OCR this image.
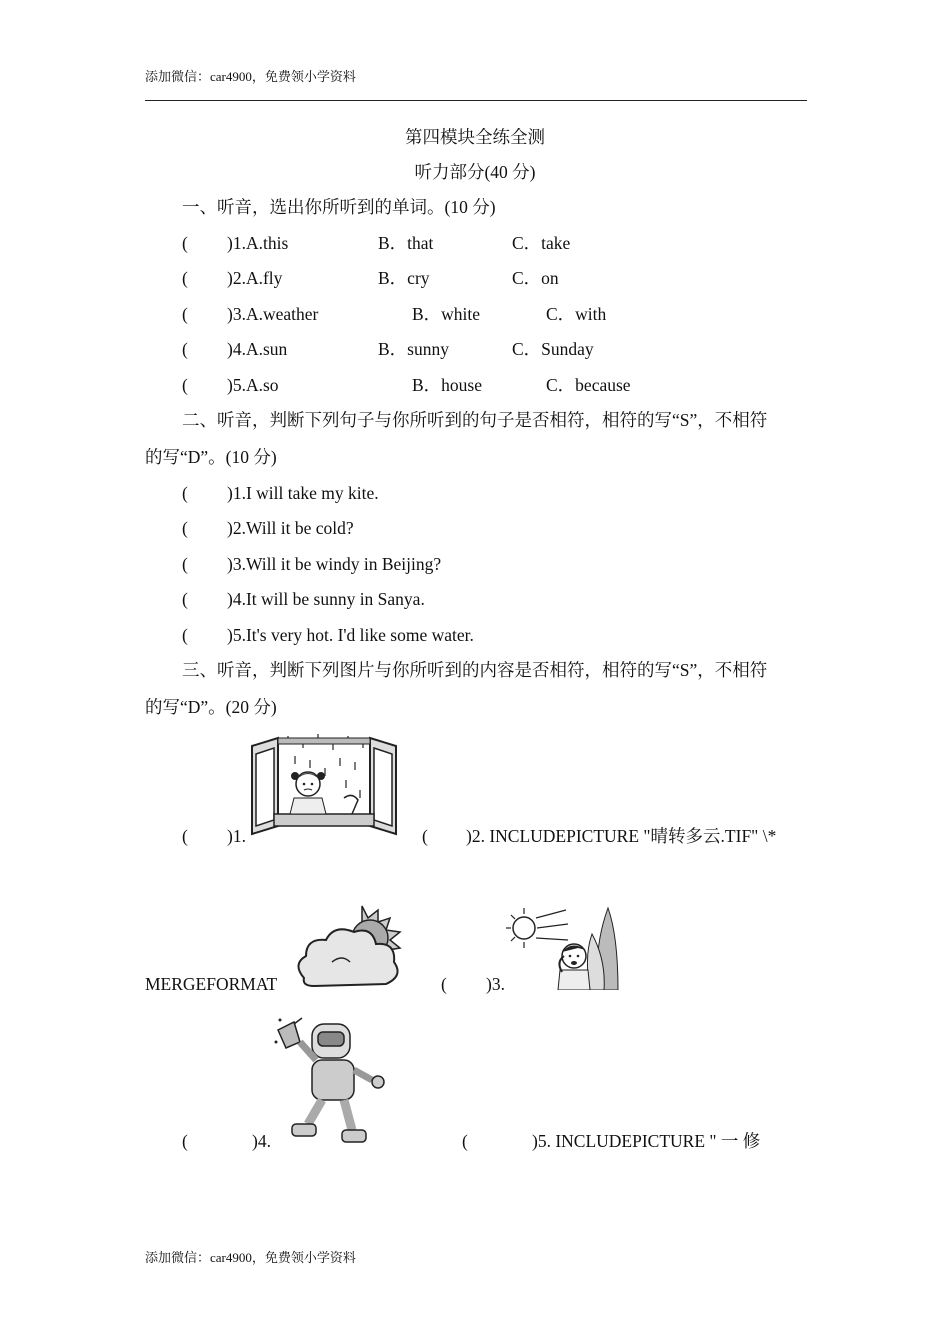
添加微信：car4900，免费领小学资料
第四模块全练全测
听力部分(40 分)
一、听音，选出你所听到的单词。(10 分)
( )1.A.this	B．that	C．take
( )2.A.fly	B．cry	C．on
( )3.A.weather	B．white	C．with
( )4.A.sun	B．sunny	C．Sunday
( )5.A.so	B．house	C．because
二、听音，判断下列句子与你所听到的句子是否相符，相符的写“S”，不相符
的写“D”。(10 分)
( )1.I will take my kite.
( )2.Will it be cold?
( )3.Will it be windy in Beijing?
( )4.It will be sunny in Sanya.
( )5.It's very hot. I'd like some water.
三、听音，判断下列图片与你所听到的内容是否相符，相符的写“S”，不相符
的写“D”。(20 分)
( )1.	( )2. INCLUDEPICTURE "晴转多云.TIF" \*
MERGEFORMAT	( )3.
(	)4.	(	)5. INCLUDEPICTURE " 一 修
添加微信：car4900，免费领小学资料
